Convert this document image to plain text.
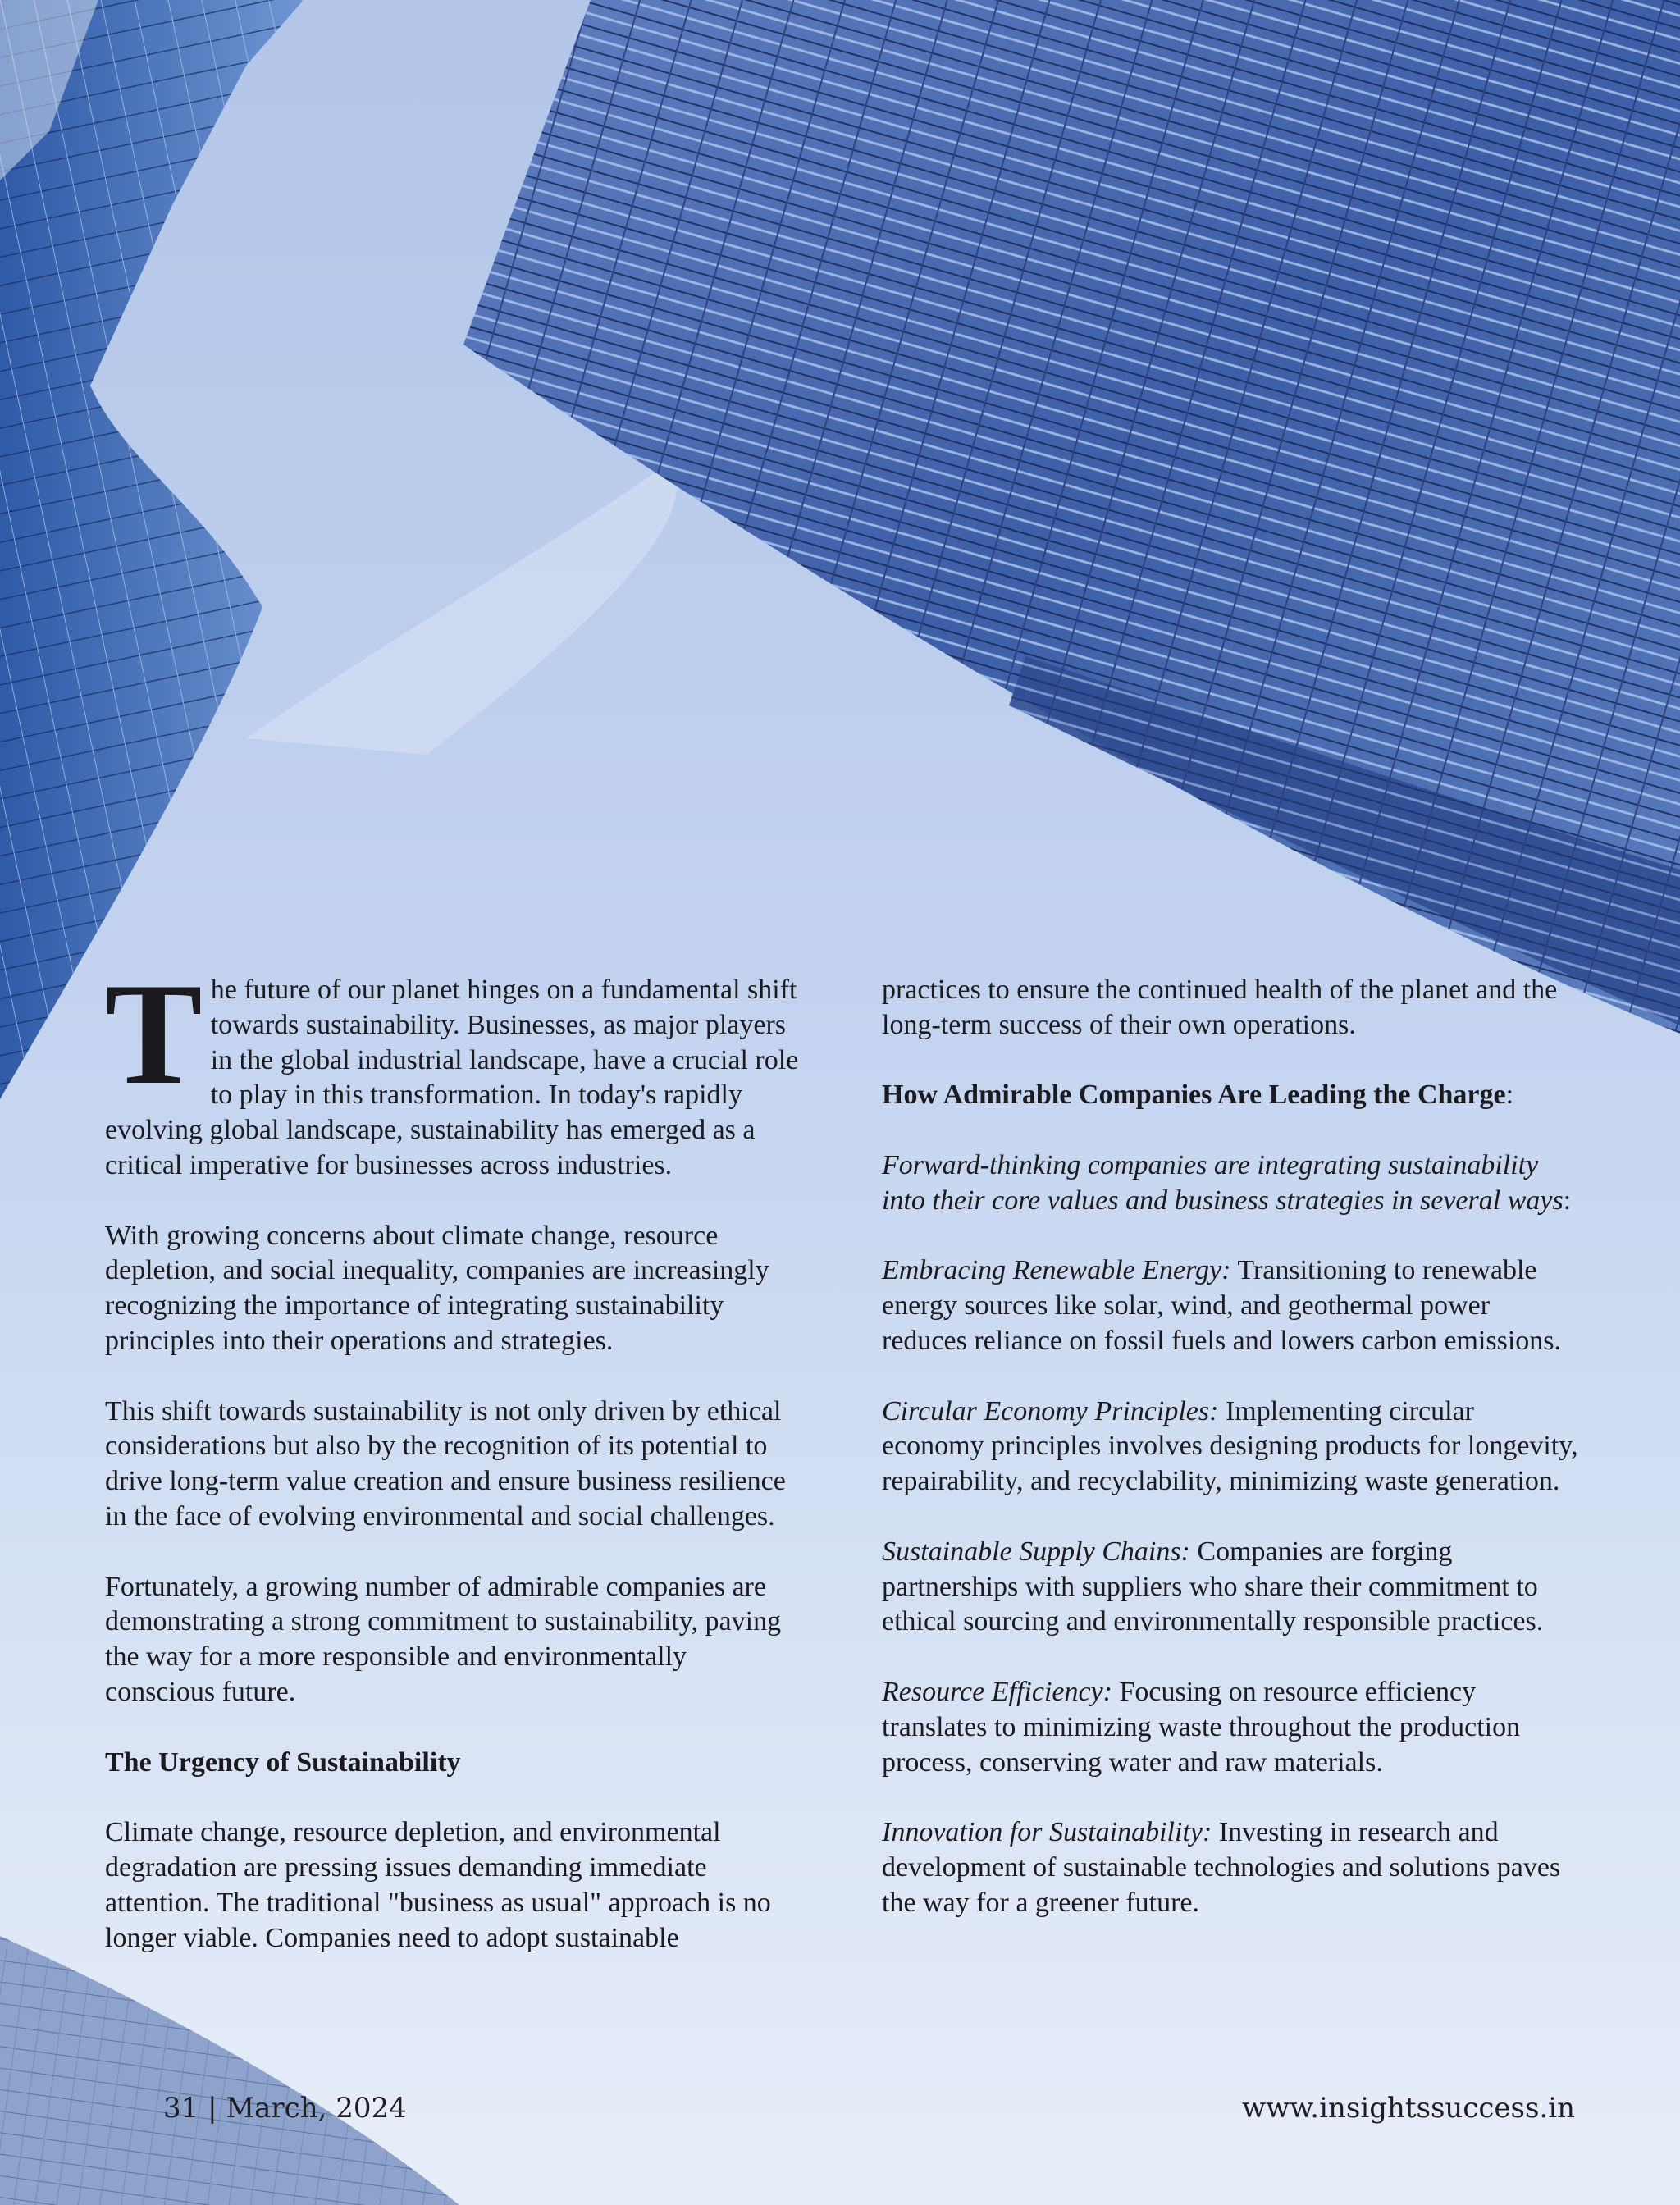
The future of our planet hinges on a fundamental shift towards sustainability. Businesses, as major players in the global industrial landscape, have a crucial role to play in this transformation. In today's rapidly evolving global landscape, sustainability has emerged as a critical imperative for businesses across industries.

With growing concerns about climate change, resource depletion, and social inequality, companies are increasingly recognizing the importance of integrating sustainability principles into their operations and strategies.

This shift towards sustainability is not only driven by ethical considerations but also by the recognition of its potential to drive long-term value creation and ensure business resilience in the face of evolving environmental and social challenges.

Fortunately, a growing number of admirable companies are demonstrating a strong commitment to sustainability, paving the way for a more responsible and environmentally conscious future.

The Urgency of Sustainability

Climate change, resource depletion, and environmental degradation are pressing issues demanding immediate attention. The traditional "business as usual" approach is no longer viable. Companies need to adopt sustainable

practices to ensure the continued health of the planet and the long-term success of their own operations.

How Admirable Companies Are Leading the Charge:

Forward-thinking companies are integrating sustainability into their core values and business strategies in several ways:

Embracing Renewable Energy: Transitioning to renewable energy sources like solar, wind, and geothermal power reduces reliance on fossil fuels and lowers carbon emissions.

Circular Economy Principles: Implementing circular economy principles involves designing products for longevity, repairability, and recyclability, minimizing waste generation.

Sustainable Supply Chains: Companies are forging partnerships with suppliers who share their commitment to ethical sourcing and environmentally responsible practices.

Resource Efficiency: Focusing on resource efficiency translates to minimizing waste throughout the production process, conserving water and raw materials.

Innovation for Sustainability: Investing in research and development of sustainable technologies and solutions paves the way for a greener future.

31 | March, 2024	www.insightssuccess.in
